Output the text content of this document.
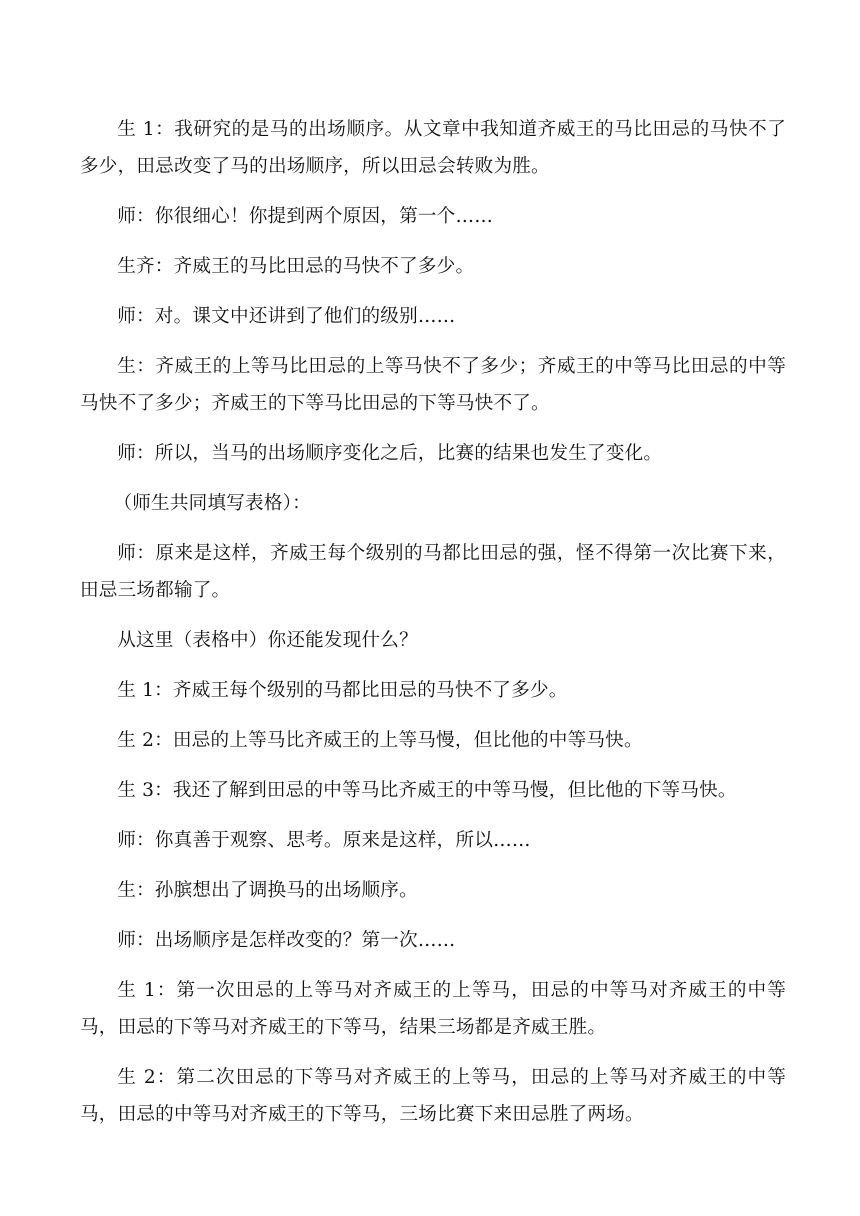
生 1：我研究的是马的出场顺序。从文章中我知道齐威王的马比田忌的马快不了多少，田忌改变了马的出场顺序，所以田忌会转败为胜。

师：你很细心！你提到两个原因，第一个……

生齐：齐威王的马比田忌的马快不了多少。

师：对。课文中还讲到了他们的级别……

生：齐威王的上等马比田忌的上等马快不了多少；齐威王的中等马比田忌的中等马快不了多少；齐威王的下等马比田忌的下等马快不了。

师：所以，当马的出场顺序变化之后，比赛的结果也发生了变化。

（师生共同填写表格）：

师：原来是这样，齐威王每个级别的马都比田忌的强，怪不得第一次比赛下来，田忌三场都输了。

从这里（表格中）你还能发现什么？

生 1：齐威王每个级别的马都比田忌的马快不了多少。

生 2：田忌的上等马比齐威王的上等马慢，但比他的中等马快。

生 3：我还了解到田忌的中等马比齐威王的中等马慢，但比他的下等马快。

师：你真善于观察、思考。原来是这样，所以……

生：孙膑想出了调换马的出场顺序。

师：出场顺序是怎样改变的？第一次……

生 1：第一次田忌的上等马对齐威王的上等马，田忌的中等马对齐威王的中等马，田忌的下等马对齐威王的下等马，结果三场都是齐威王胜。

生 2：第二次田忌的下等马对齐威王的上等马，田忌的上等马对齐威王的中等马，田忌的中等马对齐威王的下等马，三场比赛下来田忌胜了两场。
